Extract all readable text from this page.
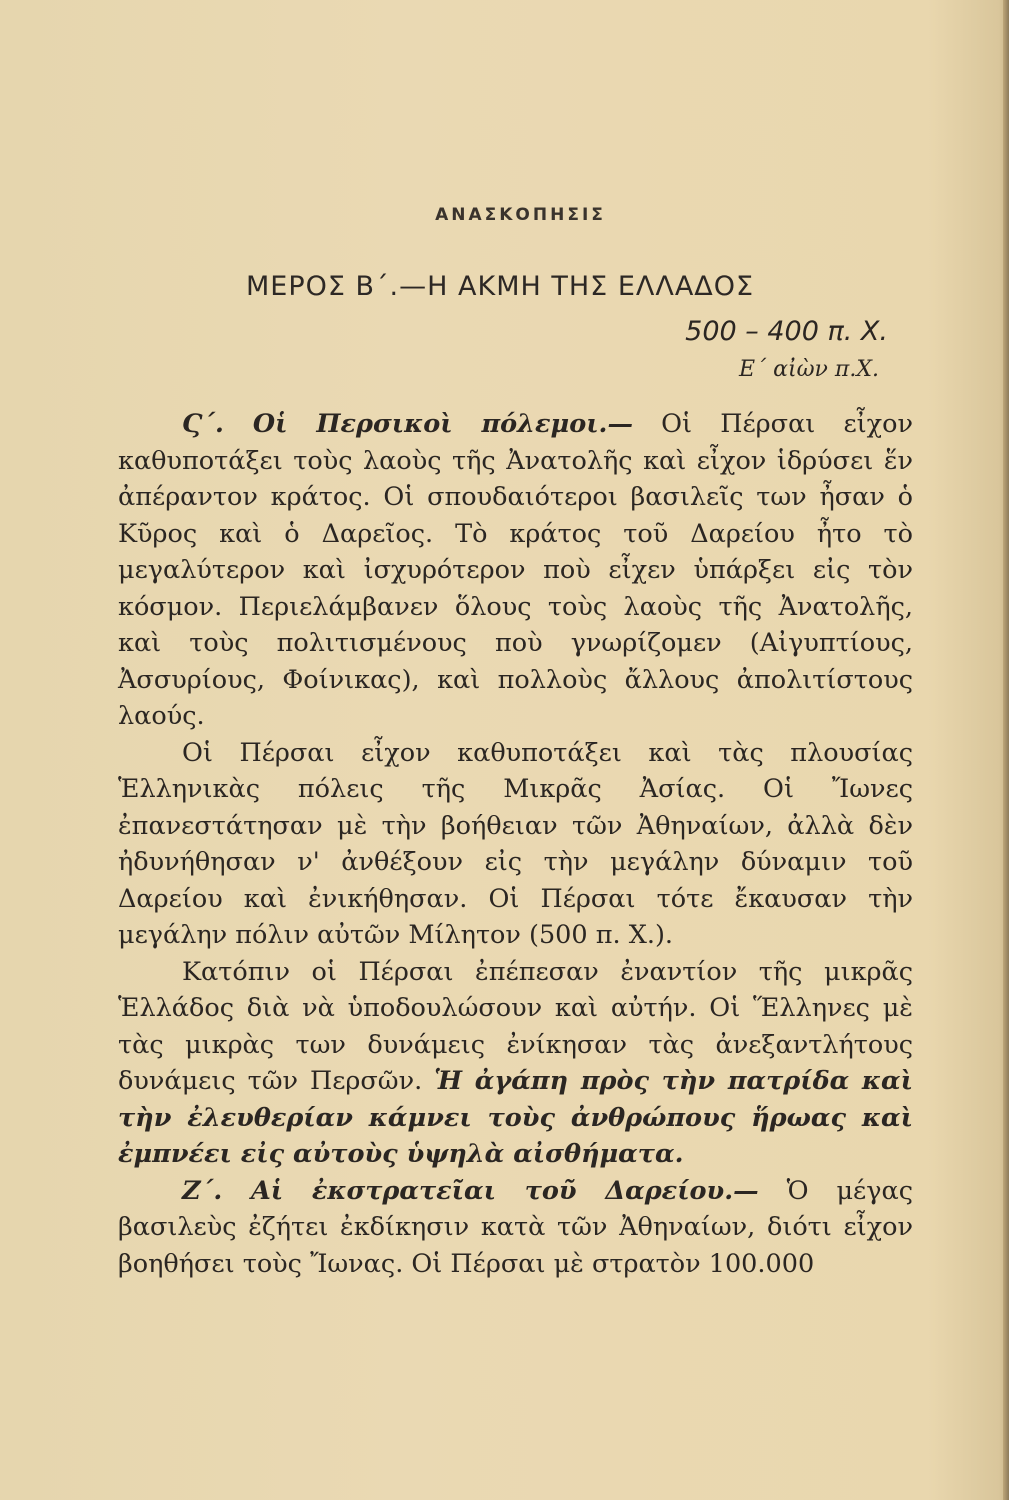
ΑΝΑΣΚΟΠΗΣΙΣ
ΜΕΡΟΣ Β΄.—Η ΑΚΜΗ ΤΗΣ ΕΛΛΑΔΟΣ
500 – 400 π. Χ.
Ε΄ αἰὼν π.Χ.

Ϛ΄. Οἱ Περσικοὶ πόλεμοι.— Οἱ Πέρσαι εἶχον καθυποτάξει τοὺς λαοὺς τῆς Ἀνατολῆς καὶ εἶχον ἱδρύσει ἕν ἀπέραντον κράτος. Οἱ σπουδαιότεροι βασιλεῖς των ἦσαν ὁ Κῦρος καὶ ὁ Δαρεῖος. Τὸ κράτος τοῦ Δαρείου ἦτο τὸ μεγαλύτερον καὶ ἰσχυρότερον ποὺ εἶχεν ὑπάρξει εἰς τὸν κόσμον. Περιελάμβανεν ὅλους τοὺς λαοὺς τῆς Ἀνατολῆς, καὶ τοὺς πολιτισμένους ποὺ γνωρίζομεν (Αἰγυπτίους, Ἀσσυρίους, Φοίνικας), καὶ πολλοὺς ἄλλους ἀπολιτίστους λαούς.

Οἱ Πέρσαι εἶχον καθυποτάξει καὶ τὰς πλουσίας Ἑλληνικὰς πόλεις τῆς Μικρᾶς Ἀσίας. Οἱ Ἴωνες ἐπανεστάτησαν μὲ τὴν βοήθειαν τῶν Ἀθηναίων, ἀλλὰ δὲν ἠδυνήθησαν ν' ἀνθέξουν εἰς τὴν μεγάλην δύναμιν τοῦ Δαρείου καὶ ἐνικήθησαν. Οἱ Πέρσαι τότε ἔκαυσαν τὴν μεγάλην πόλιν αὐτῶν Μίλητον (500 π. Χ.).

Κατόπιν οἱ Πέρσαι ἐπέπεσαν ἐναντίον τῆς μικρᾶς Ἑλλάδος διὰ νὰ ὑποδουλώσουν καὶ αὐτήν. Οἱ Ἕλληνες μὲ τὰς μικρὰς των δυνάμεις ἐνίκησαν τὰς ἀνεξαντλήτους δυνάμεις τῶν Περσῶν. Ἡ ἀγάπη πρὸς τὴν πατρίδα καὶ τὴν ἐλευθερίαν κάμνει τοὺς ἀνθρώπους ἥρωας καὶ ἐμπνέει εἰς αὐτοὺς ὑψηλὰ αἰσθήματα.

Ζ΄. Αἱ ἐκστρατεῖαι τοῦ Δαρείου.— Ὁ μέγας βασιλεὺς ἐζήτει ἐκδίκησιν κατὰ τῶν Ἀθηναίων, διότι εἶχον βοηθήσει τοὺς Ἴωνας. Οἱ Πέρσαι μὲ στρατὸν 100.000
